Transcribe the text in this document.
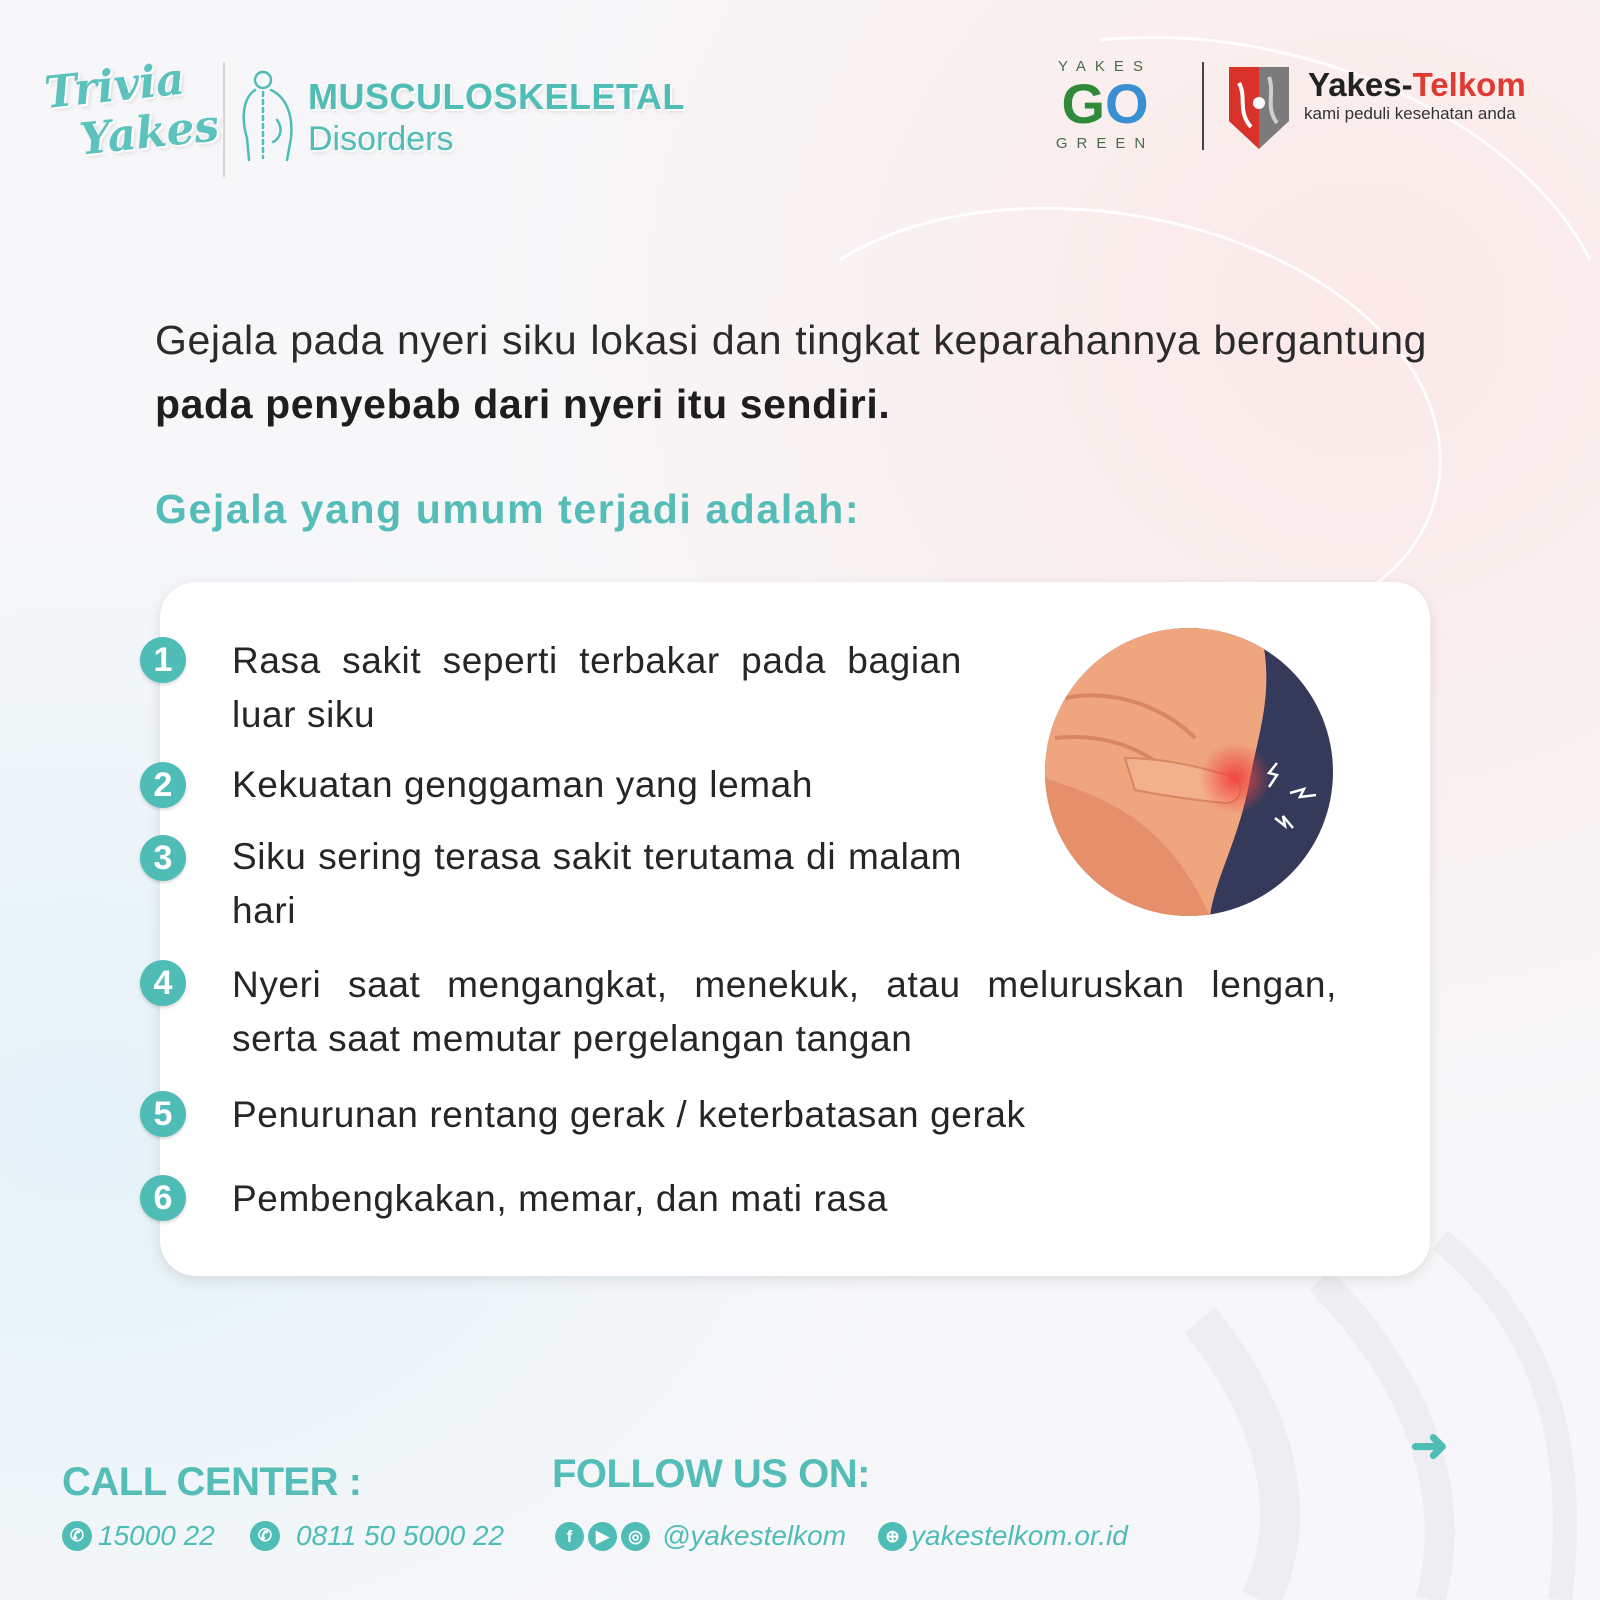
Trivia
Yakes
MUSCULOSKELETAL
Disorders
YAKES
GO
GREEN
Yakes-Telkom
kami peduli kesehatan anda
Gejala pada nyeri siku lokasi dan tingkat keparahannya bergantung pada penyebab dari nyeri itu sendiri.
Gejala yang umum terjadi adalah:
1	Rasa sakit seperti terbakar pada bagian luar siku
2	Kekuatan genggaman yang lemah
3	Siku sering terasa sakit terutama di malam hari
4	Nyeri saat mengangkat, menekuk, atau meluruskan lengan, serta saat memutar pergelangan tangan
5	Penurunan rentang gerak / keterbatasan gerak
6	Pembengkakan, memar, dan mati rasa
➜
CALL CENTER :
✆ 15000 22	✆ 0811 50 5000 22
FOLLOW US ON:
f	▶	◎ @yakestelkom	⊕ yakestelkom.or.id
